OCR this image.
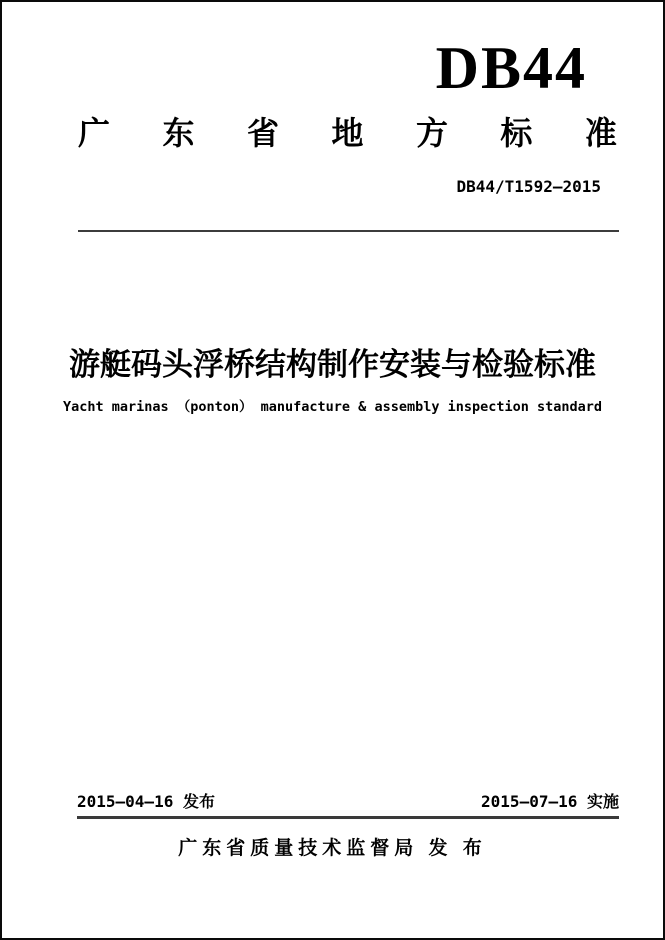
DB44
广 东 省 地 方 标 准
DB44/T1592—2015
游艇码头浮桥结构制作安装与检验标准
Yacht marinas （ponton） manufacture & assembly inspection standard
2015—04—16 发布	2015—07—16 实施
广东省质量技术监督局 发 布
